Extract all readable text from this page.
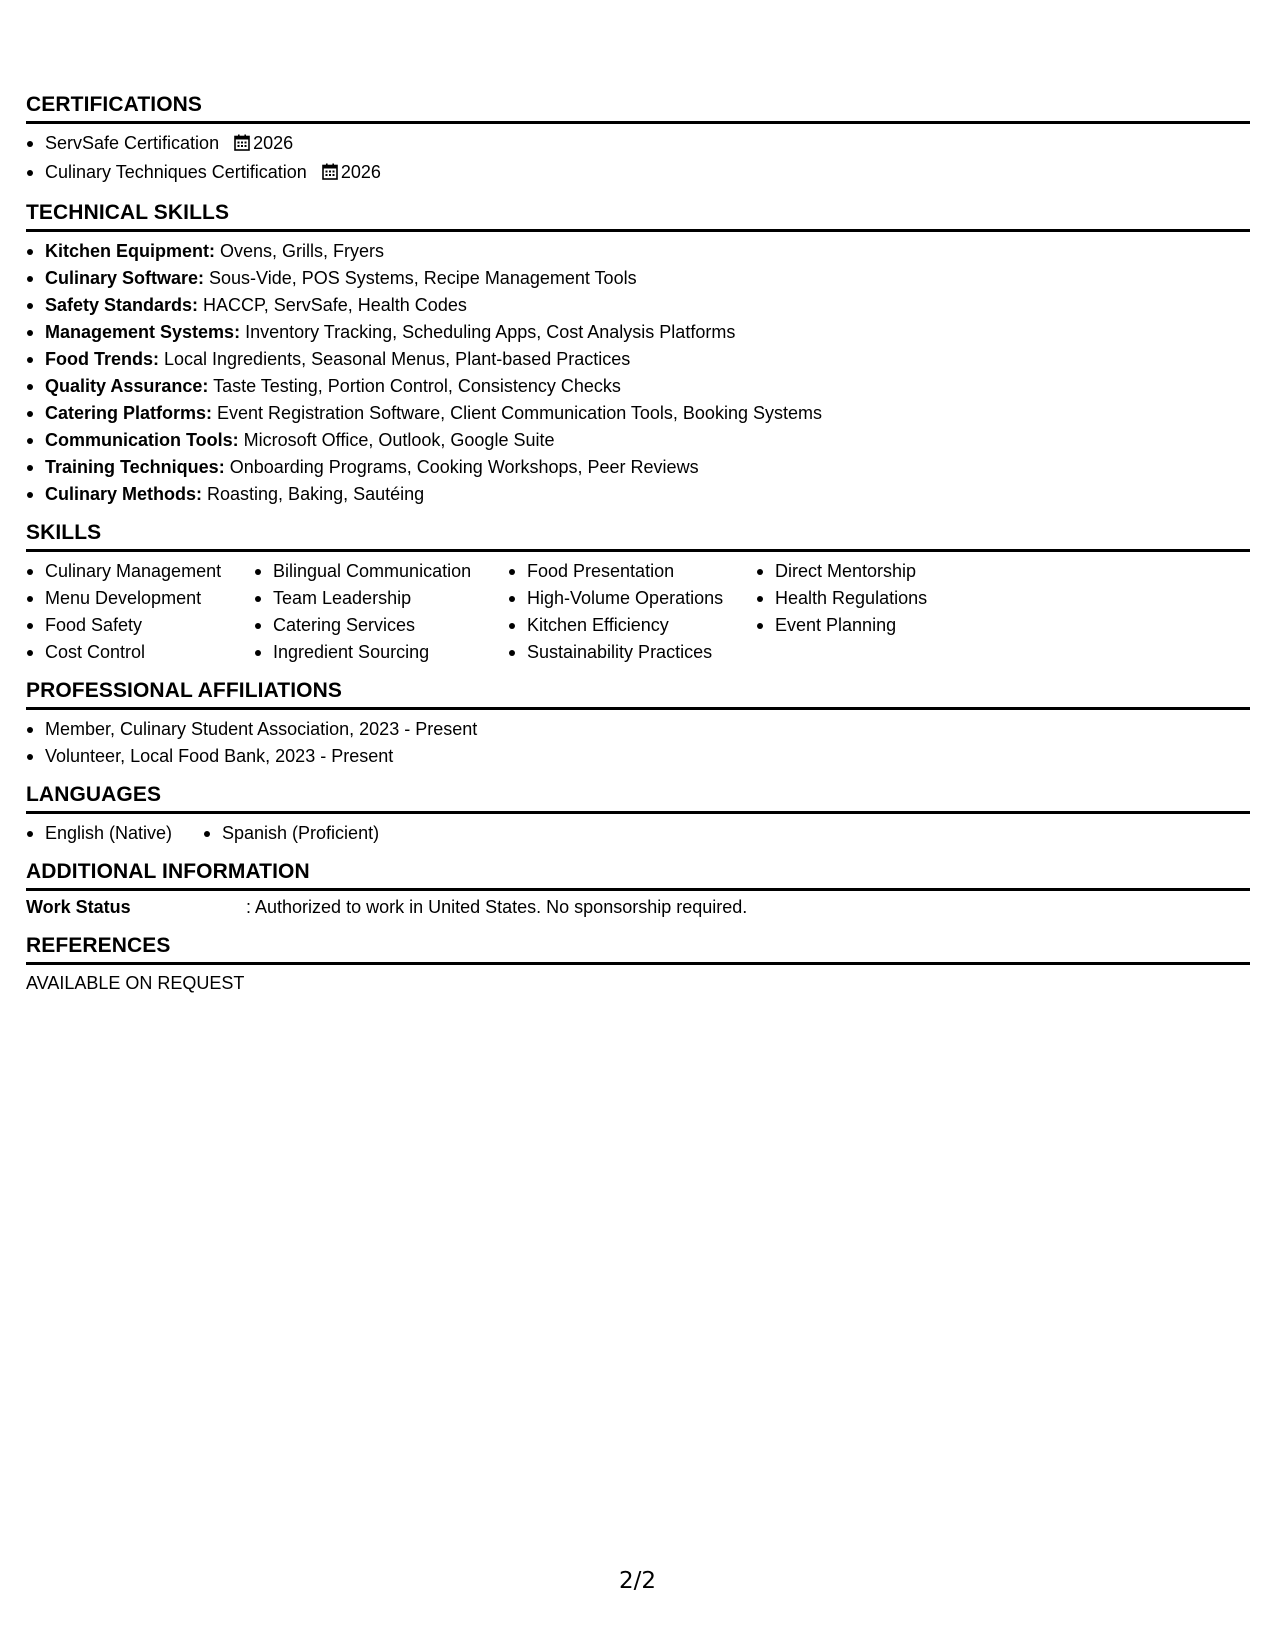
CERTIFICATIONS
ServSafe Certification 2026
Culinary Techniques Certification 2026
TECHNICAL SKILLS
Kitchen Equipment: Ovens, Grills, Fryers
Culinary Software: Sous-Vide, POS Systems, Recipe Management Tools
Safety Standards: HACCP, ServSafe, Health Codes
Management Systems: Inventory Tracking, Scheduling Apps, Cost Analysis Platforms
Food Trends: Local Ingredients, Seasonal Menus, Plant-based Practices
Quality Assurance: Taste Testing, Portion Control, Consistency Checks
Catering Platforms: Event Registration Software, Client Communication Tools, Booking Systems
Communication Tools: Microsoft Office, Outlook, Google Suite
Training Techniques: Onboarding Programs, Cooking Workshops, Peer Reviews
Culinary Methods: Roasting, Baking, Sautéing
SKILLS
Culinary Management
Menu Development
Food Safety
Cost Control
Bilingual Communication
Team Leadership
Catering Services
Ingredient Sourcing
Food Presentation
High-Volume Operations
Kitchen Efficiency
Sustainability Practices
Direct Mentorship
Health Regulations
Event Planning
PROFESSIONAL AFFILIATIONS
Member, Culinary Student Association, 2023 - Present
Volunteer, Local Food Bank, 2023 - Present
LANGUAGES
English (Native)	Spanish (Proficient)
ADDITIONAL INFORMATION
Work Status	: Authorized to work in United States. No sponsorship required.
REFERENCES
AVAILABLE ON REQUEST
2/2
